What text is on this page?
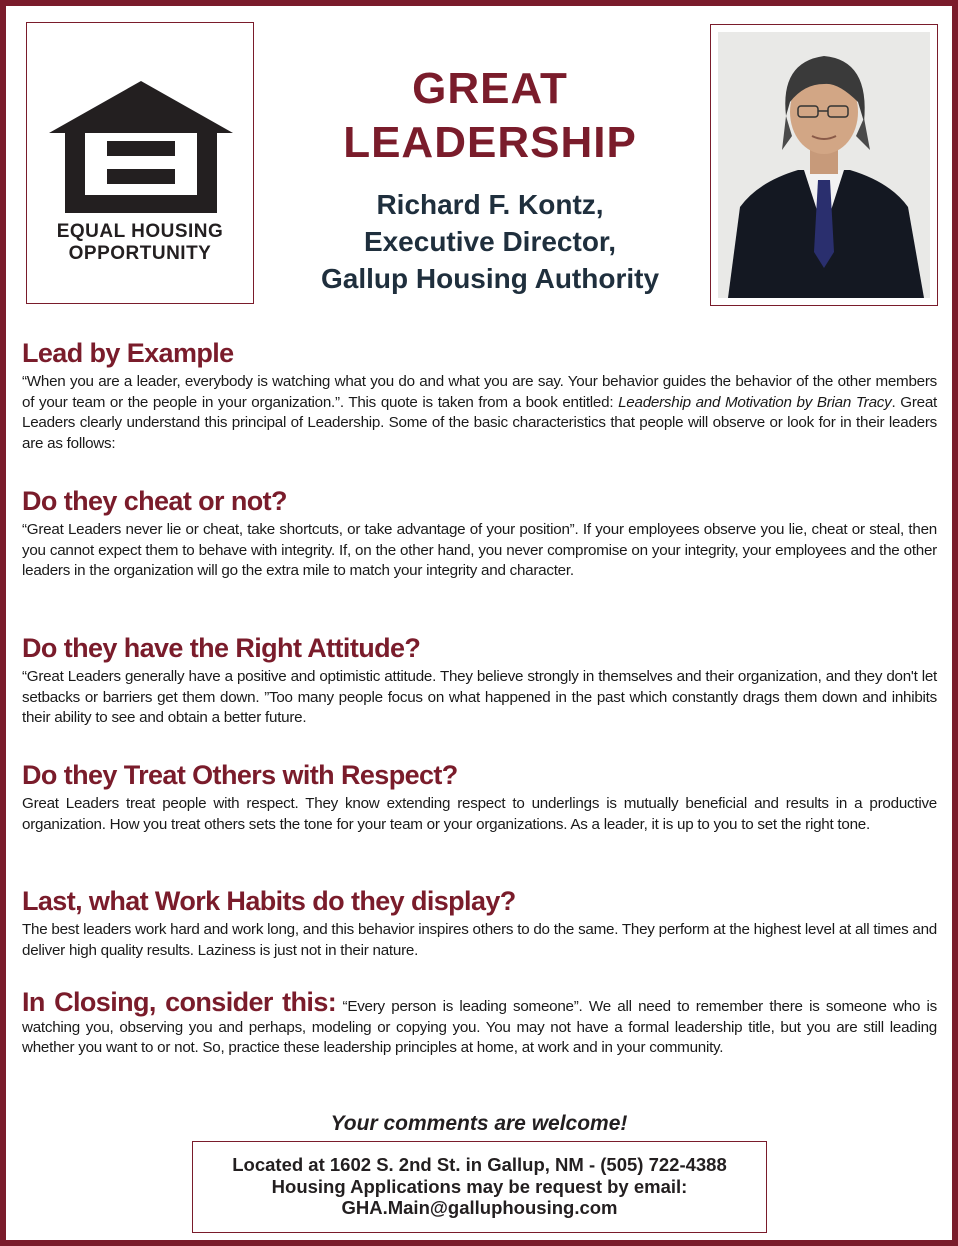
EQUAL HOUSING
OPPORTUNITY
GREAT
LEADERSHIP
Richard F. Kontz,
Executive Director,
Gallup Housing Authority
Lead by Example

“When you are a leader, everybody is watching what you do and what you are say. Your behavior guides the behavior of the other members of your team or the people in your organization.”. This quote is taken from a book entitled: Leadership and Motivation by Brian Tracy. Great Leaders clearly understand this principal of Leadership. Some of the basic characteristics that people will observe or look for in their leaders are as follows:

Do they cheat or not?

“Great Leaders never lie or cheat, take shortcuts, or take advantage of your position”. If your employees observe you lie, cheat or steal, then you cannot expect them to behave with integrity. If, on the other hand, you never compromise on your integrity, your employees and the other leaders in the organization will go the extra mile to match your integrity and character.

Do they have the Right Attitude?

“Great Leaders generally have a positive and optimistic attitude. They believe strongly in themselves and their organization, and they don't let setbacks or barriers get them down. ”Too many people focus on what happened in the past which constantly drags them down and inhibits their ability to see and obtain a better future.

Do they Treat Others with Respect?

Great Leaders treat people with respect. They know extending respect to underlings is mutually beneficial and results in a productive organization. How you treat others sets the tone for your team or your organizations. As a leader, it is up to you to set the right tone.

Last, what Work Habits do they display?

The best leaders work hard and work long, and this behavior inspires others to do the same. They perform at the highest level at all times and deliver high quality results. Laziness is just not in their nature.

In Closing, consider this: “Every person is leading someone”. We all need to remember there is someone who is watching you, observing you and perhaps, modeling or copying you. You may not have a formal leadership title, but you are still leading whether you want to or not. So, practice these leadership principles at home, at work and in your community.

Your comments are welcome!
Located at 1602 S. 2nd St. in Gallup, NM - (505) 722-4388
Housing Applications may be request by email:
GHA.Main@galluphousing.com
